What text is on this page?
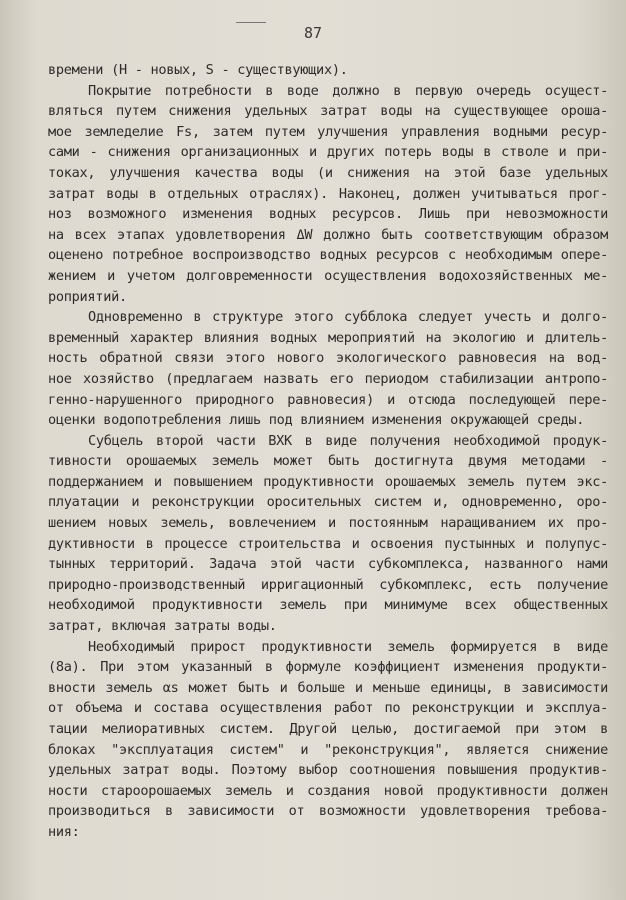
87
времени (Н - новых, S - существующих).
Покрытие потребности в воде должно в первую очередь осущест-
вляться путем снижения удельных затрат воды на существующее ороша-
мое земледелие Fs, затем путем улучшения управления водными ресур-
сами - снижения организационных и других потерь воды в стволе и при-
токах, улучшения качества воды (и снижения на этой базе удельных
затрат воды в отдельных отраслях). Наконец, должен учитываться прог-
ноз возможного изменения водных ресурсов. Лишь при невозможности
на всех этапах удовлетворения ΔW должно быть соответствующим образом
оценено потребное воспроизводство водных ресурсов с необходимым опере-
жением и учетом долговременности осуществления водохозяйственных ме-
роприятий.
Одновременно в структуре этого субблока следует учесть и долго-
временный характер влияния водных мероприятий на экологию и длитель-
ность обратной связи этого нового экологического равновесия на вод-
ное хозяйство (предлагаем назвать его периодом стабилизации антропо-
генно-нарушенного природного равновесия) и отсюда последующей пере-
оценки водопотребления лишь под влиянием изменения окружающей среды.
Субцель второй части ВХК в виде получения необходимой продук-
тивности орошаемых земель может быть достигнута двумя методами -
поддержанием и повышением продуктивности орошаемых земель путем экс-
плуатации и реконструкции оросительных систем и, одновременно, оро-
шением новых земель, вовлечением и постоянным наращиванием их про-
дуктивности в процессе строительства и освоения пустынных и полупус-
тынных территорий. Задача этой части субкомплекса, названного нами
природно-производственный ирригационный субкомплекс, есть получение
необходимой продуктивности земель при минимуме всех общественных
затрат, включая затраты воды.
Необходимый прирост продуктивности земель формируется в виде
(8а). При этом указанный в формуле коэффициент изменения продукти-
вности земель αs может быть и больше и меньше единицы, в зависимости
от объема и состава осуществления работ по реконструкции и эксплуа-
тации мелиоративных систем. Другой целью, достигаемой при этом в
блоках "эксплуатация систем" и "реконструкция", является снижение
удельных затрат воды. Поэтому выбор соотношения повышения продуктив-
ности староорошаемых земель и создания новой продуктивности должен
производиться в зависимости от возможности удовлетворения требова-
ния:
